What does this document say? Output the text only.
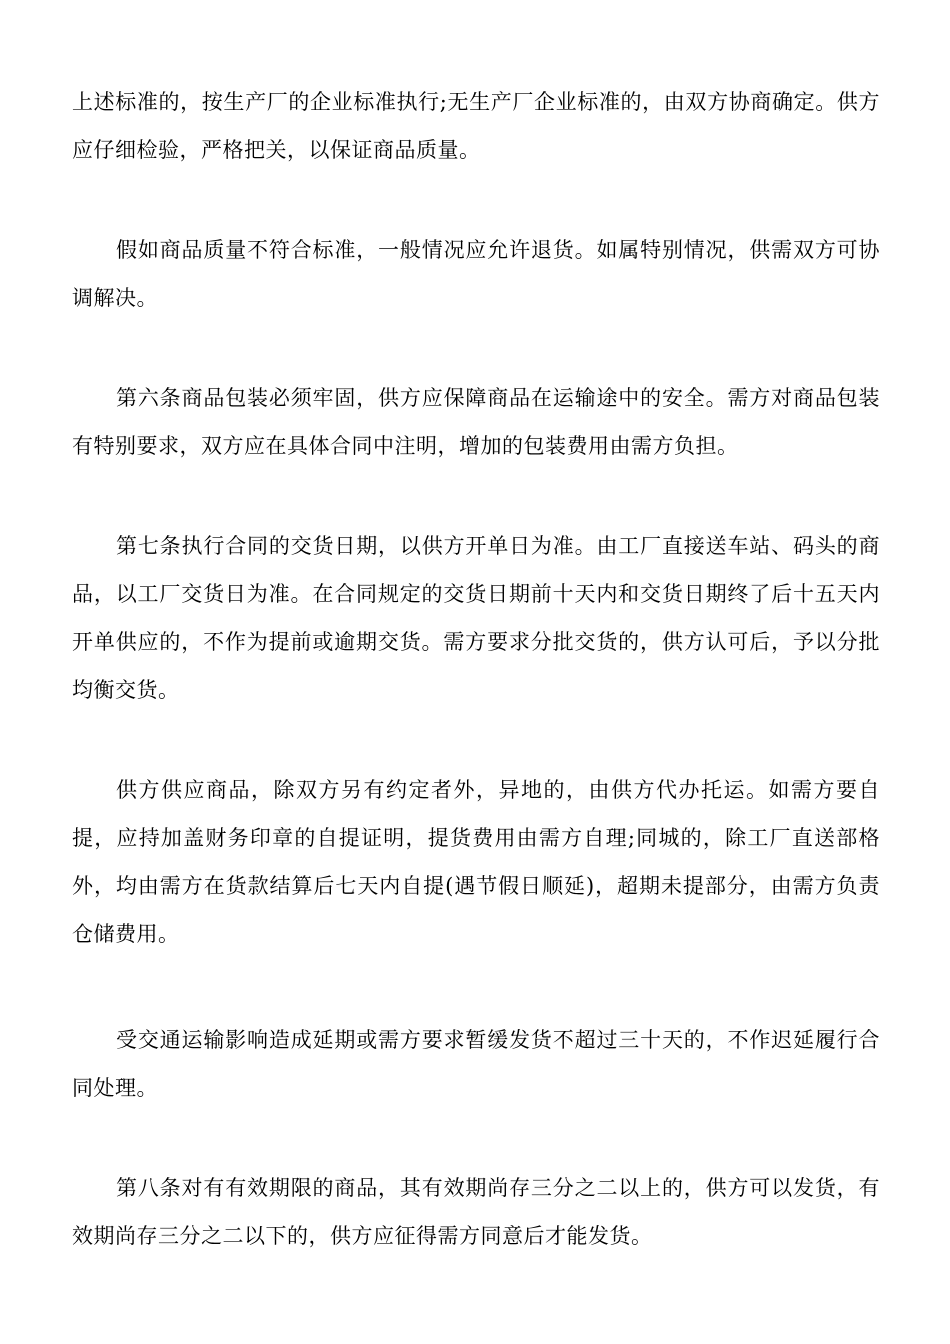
上述标准的，按生产厂的企业标准执行;无生产厂企业标准的，由双方协商确定。供方应仔细检验，严格把关，以保证商品质量。

假如商品质量不符合标准，一般情况应允许退货。如属特别情况，供需双方可协调解决。

第六条商品包装必须牢固，供方应保障商品在运输途中的安全。需方对商品包装有特别要求，双方应在具体合同中注明，增加的包装费用由需方负担。

第七条执行合同的交货日期，以供方开单日为准。由工厂直接送车站、码头的商品，以工厂交货日为准。在合同规定的交货日期前十天内和交货日期终了后十五天内开单供应的，不作为提前或逾期交货。需方要求分批交货的，供方认可后，予以分批均衡交货。

供方供应商品，除双方另有约定者外，异地的，由供方代办托运。如需方要自提，应持加盖财务印章的自提证明，提货费用由需方自理;同城的，除工厂直送部格外，均由需方在货款结算后七天内自提(遇节假日顺延)，超期未提部分，由需方负责仓储费用。

受交通运输影响造成延期或需方要求暂缓发货不超过三十天的，不作迟延履行合同处理。

第八条对有有效期限的商品，其有效期尚存三分之二以上的，供方可以发货，有效期尚存三分之二以下的，供方应征得需方同意后才能发货。
